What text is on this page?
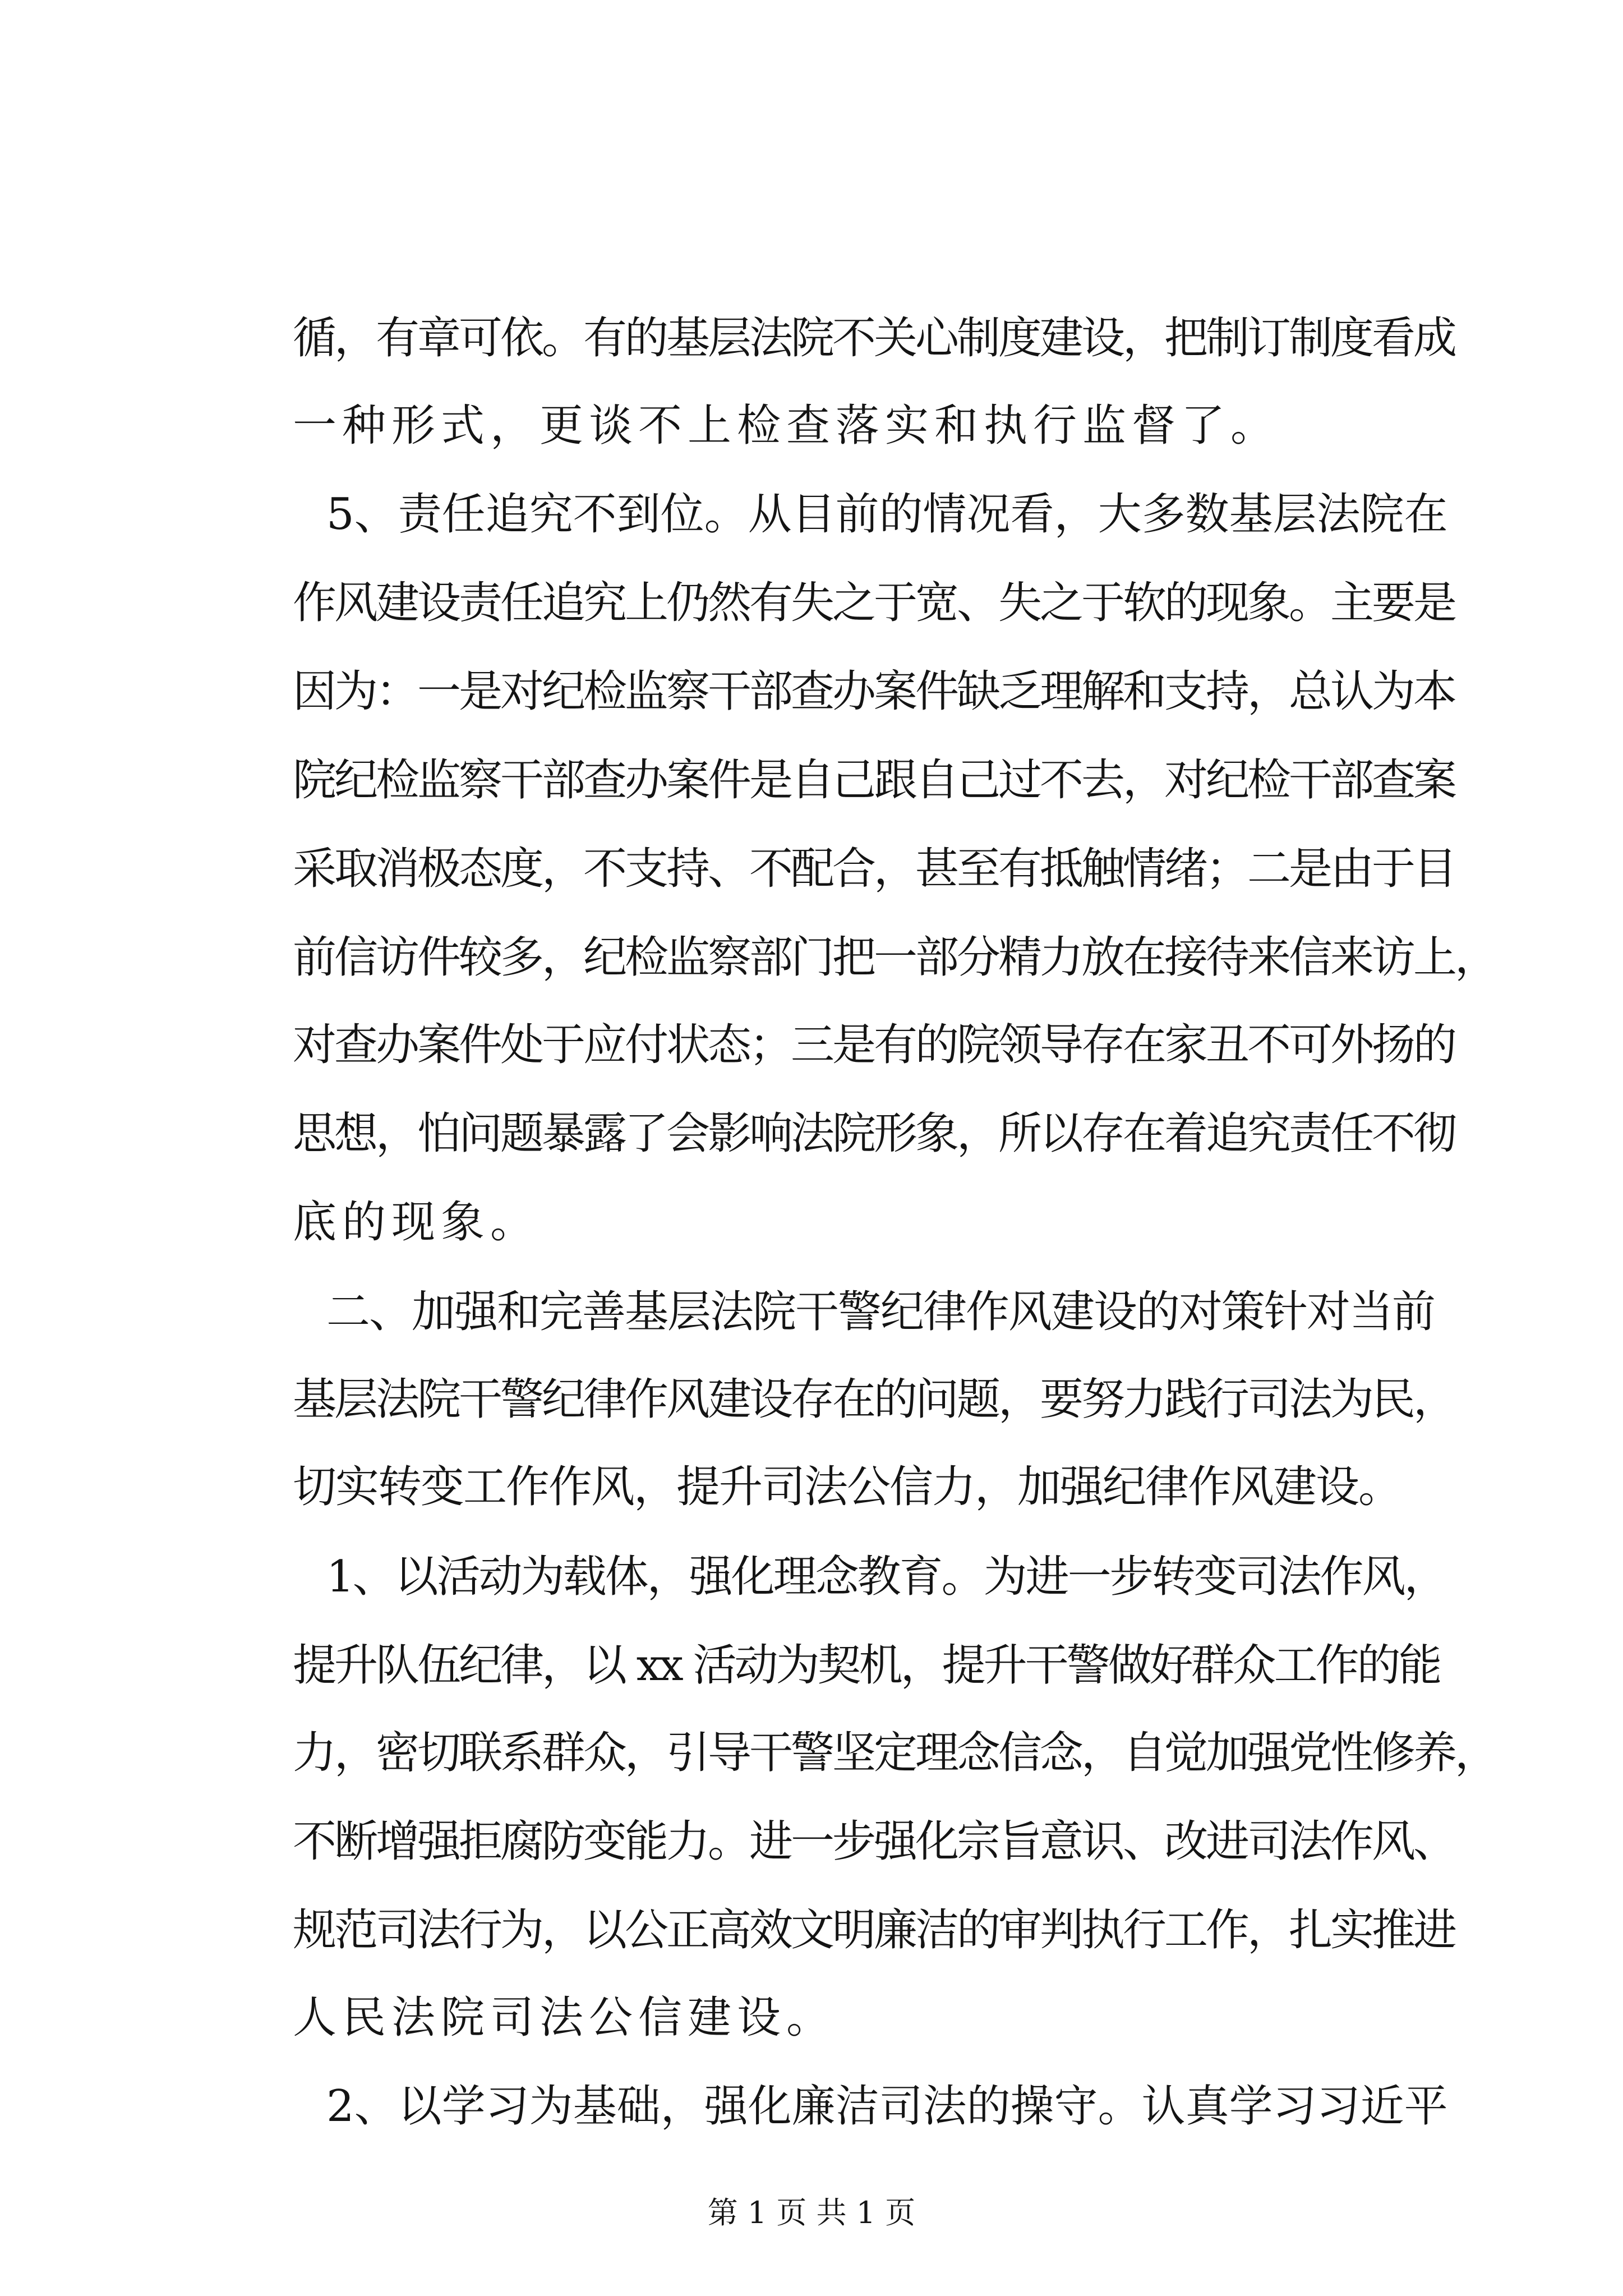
循，有章可依。有的基层法院不关心制度建设，把制订制度看成
一种形式，更谈不上检查落实和执行监督了。
5、责任追究不到位。从目前的情况看，大多数基层法院在
作风建设责任追究上仍然有失之于宽、失之于软的现象。主要是
因为：一是对纪检监察干部查办案件缺乏理解和支持，总认为本
院纪检监察干部查办案件是自己跟自己过不去，对纪检干部查案
采取消极态度，不支持、不配合，甚至有抵触情绪；二是由于目
前信访件较多，纪检监察部门把一部分精力放在接待来信来访上，
对查办案件处于应付状态；三是有的院领导存在家丑不可外扬的
思想，怕问题暴露了会影响法院形象，所以存在着追究责任不彻
底的现象。
二、加强和完善基层法院干警纪律作风建设的对策针对当前
基层法院干警纪律作风建设存在的问题，要努力践行司法为民，
切实转变工作作风，提升司法公信力，加强纪律作风建设。
1、以活动为载体，强化理念教育。为进一步转变司法作风，
提升队伍纪律，以 xx 活动为契机，提升干警做好群众工作的能
力，密切联系群众，引导干警坚定理念信念，自觉加强党性修养，
不断增强拒腐防变能力。进一步强化宗旨意识、改进司法作风、
规范司法行为，以公正高效文明廉洁的审判执行工作，扎实推进
人民法院司法公信建设。
2、以学习为基础，强化廉洁司法的操守。认真学习习近平
第 1 页 共 1 页
